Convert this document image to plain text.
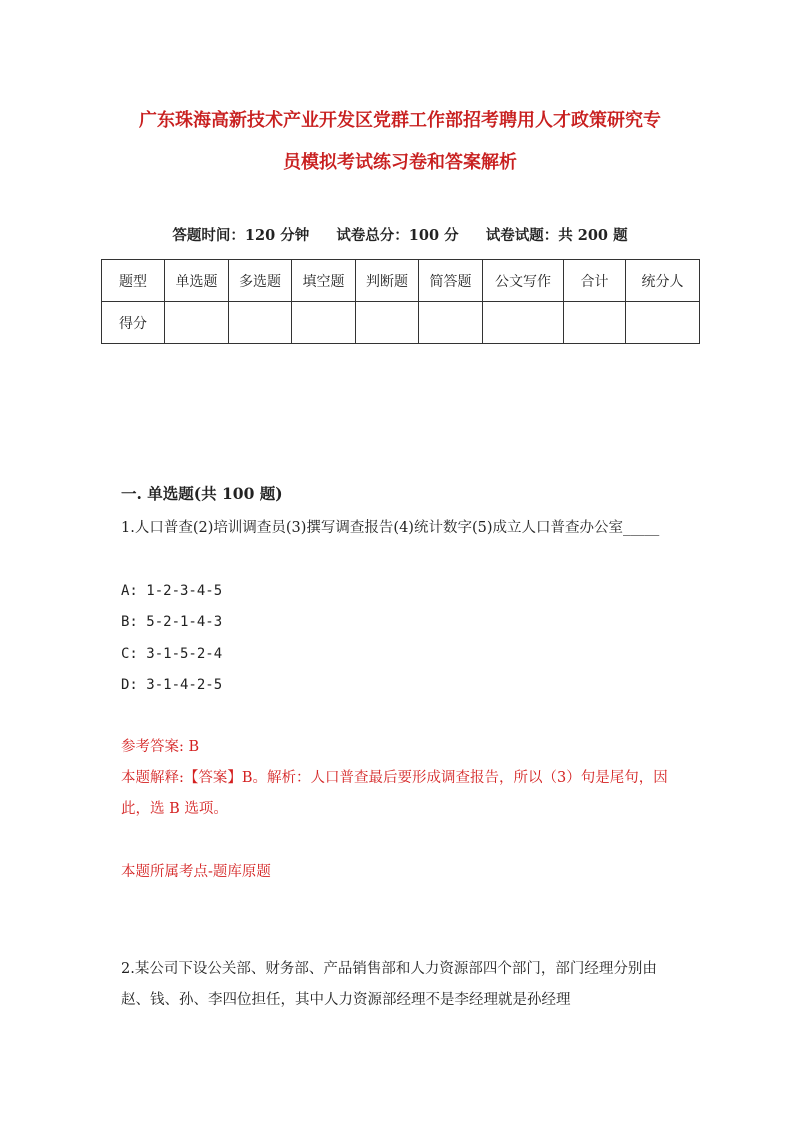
广东珠海高新技术产业开发区党群工作部招考聘用人才政策研究专
员模拟考试练习卷和答案解析
答题时间：120 分钟 试卷总分：100 分 试卷试题：共 200 题
题型	单选题	多选题	填空题	判断题	简答题	公文写作	合计	统分人
得分								
一. 单选题(共 100 题)
1.人口普查(2)培训调查员(3)撰写调查报告(4)统计数字(5)成立人口普查办公室_____
A: 1-2-3-4-5
B: 5-2-1-4-3
C: 3-1-5-2-4
D: 3-1-4-2-5
参考答案: B
本题解释:【答案】B。解析：人口普查最后要形成调查报告，所以（3）句是尾句，因此，选 B 选项。
本题所属考点-题库原题
2.某公司下设公关部、财务部、产品销售部和人力资源部四个部门，部门经理分别由赵、钱、孙、李四位担任，其中人力资源部经理不是李经理就是孙经理
